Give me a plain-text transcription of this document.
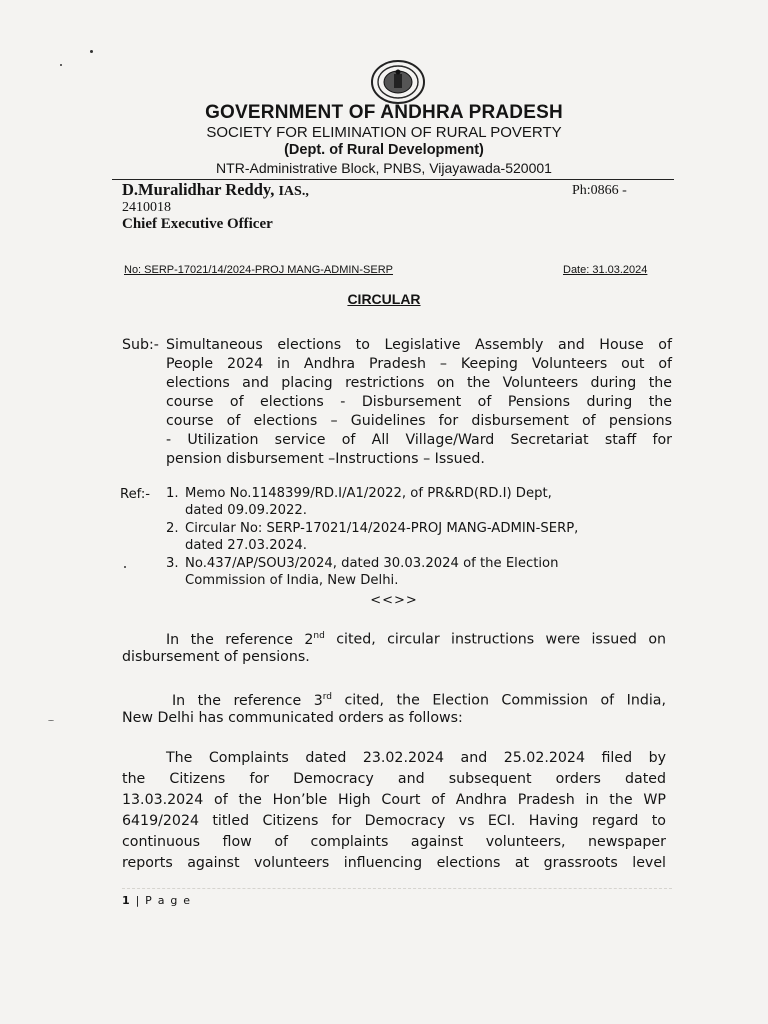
GOVERNMENT OF ANDHRA PRADESH
SOCIETY FOR ELIMINATION OF RURAL POVERTY
(Dept. of Rural Development)
NTR-Administrative Block, PNBS, Vijayawada-520001
D.Muralidhar Reddy, IAS.,	Ph:0866 -
2410018
Chief Executive Officer
No: SERP-17021/14/2024-PROJ MANG-ADMIN-SERP	Date: 31.03.2024
CIRCULAR
Sub:- Simultaneous elections to Legislative Assembly and House of
People 2024 in Andhra Pradesh – Keeping Volunteers out of
elections and placing restrictions on the Volunteers during the
course of elections - Disbursement of Pensions during the
course of elections – Guidelines for disbursement of pensions
- Utilization service of All Village/Ward Secretariat staff for
pension disbursement –Instructions – Issued.
Ref:- 1. Memo No.1148399/RD.I/A1/2022, of PR&RD(RD.I) Dept,
dated 09.09.2022.
2. Circular No: SERP-17021/14/2024-PROJ MANG-ADMIN-SERP,
dated 27.03.2024.
3. No.437/AP/SOU3/2024, dated 30.03.2024 of the Election
Commission of India, New Delhi.
<<>>
In the reference 2nd cited, circular instructions were issued on
disbursement of pensions.
In the reference 3rd cited, the Election Commission of India,
New Delhi has communicated orders as follows:
The Complaints dated 23.02.2024 and 25.02.2024 filed by
the Citizens for Democracy and subsequent orders dated
13.03.2024 of the Hon’ble High Court of Andhra Pradesh in the WP
6419/2024 titled Citizens for Democracy vs ECI. Having regard to
continuous flow of complaints against volunteers, newspaper
reports against volunteers influencing elections at grassroots level
1 | P a g e
